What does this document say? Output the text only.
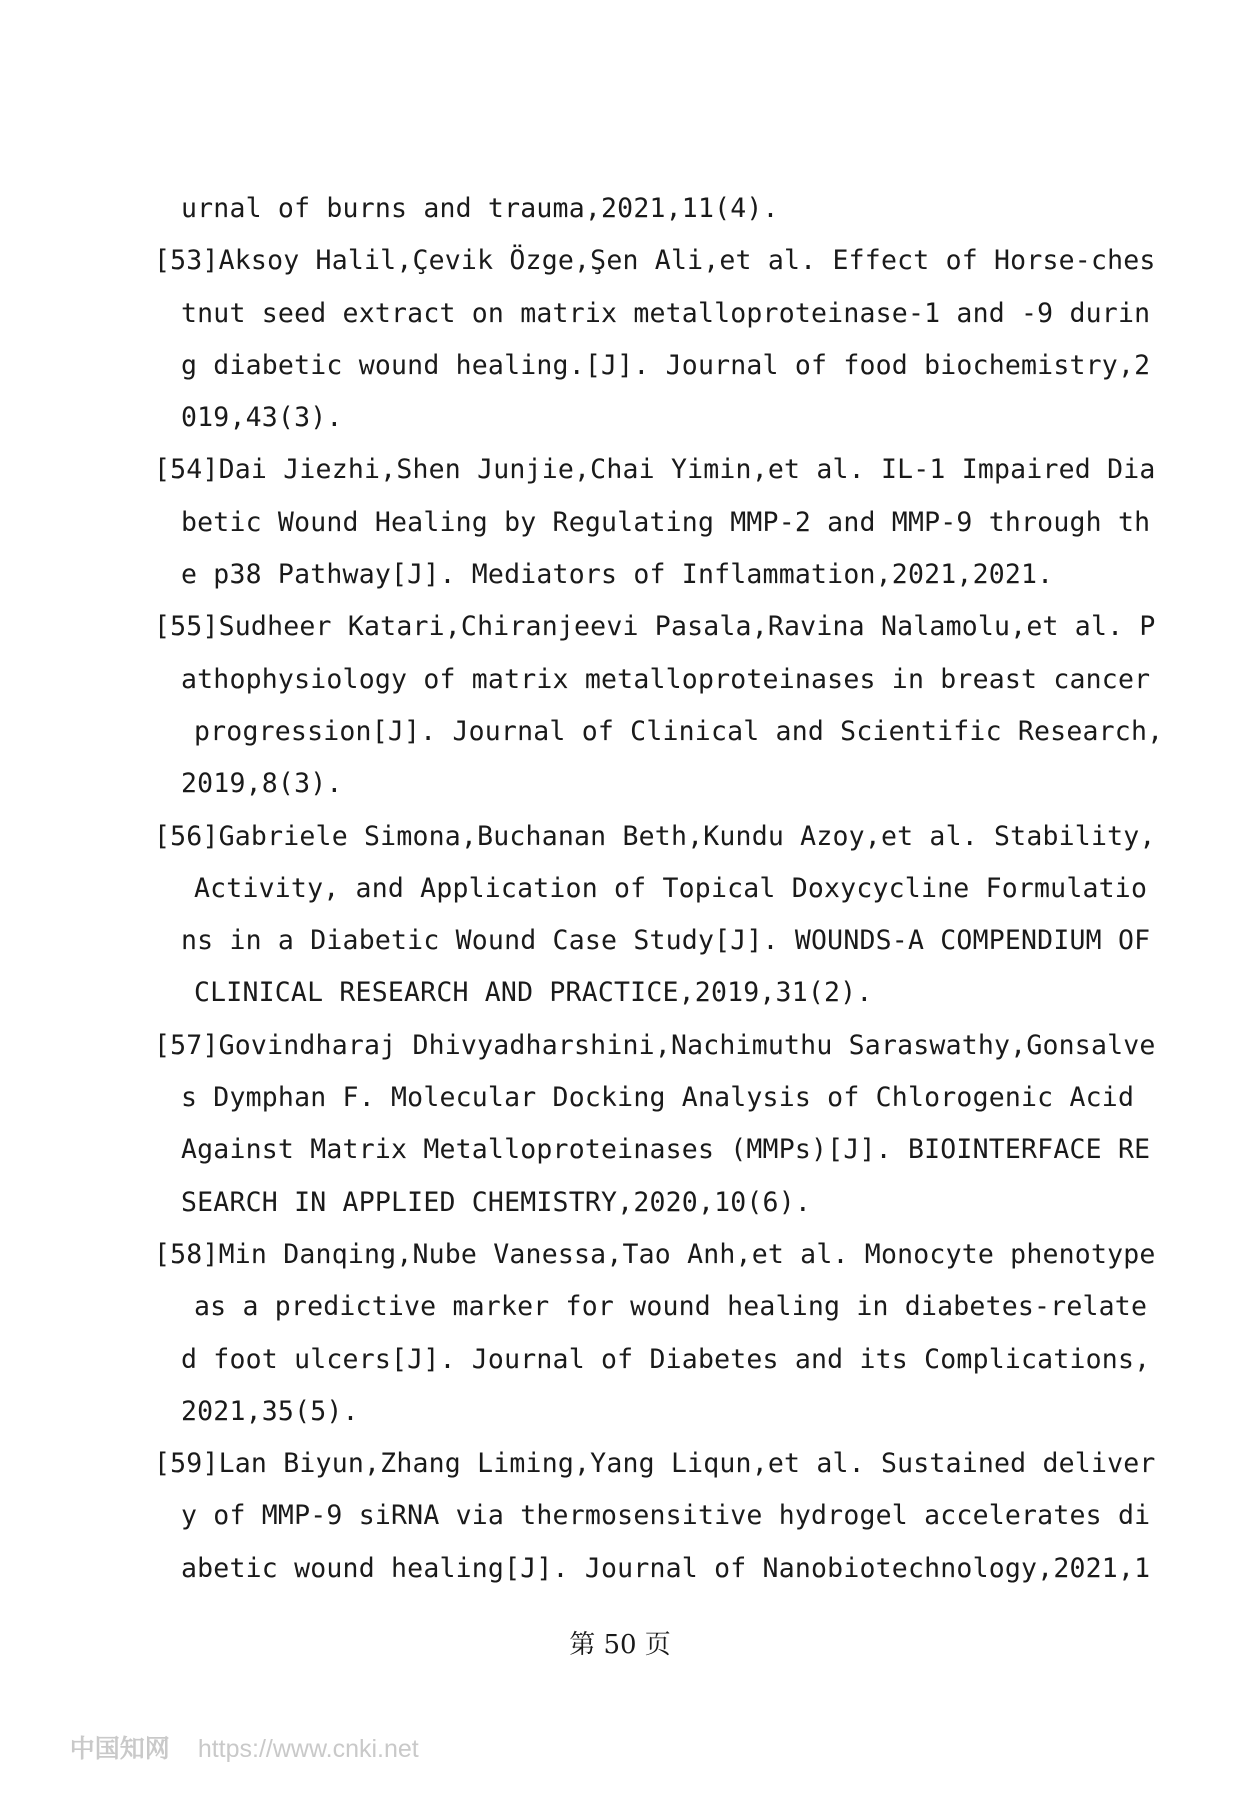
urnal of burns and trauma,2021,11(4).
[53]Aksoy Halil,Çevik Özge,Şen Ali,et al. Effect of Horse-ches
tnut seed extract on matrix metalloproteinase-1 and -9 durin
g diabetic wound healing.[J]. Journal of food biochemistry,2
019,43(3).
[54]Dai Jiezhi,Shen Junjie,Chai Yimin,et al. IL-1 Impaired Dia
betic Wound Healing by Regulating MMP-2 and MMP-9 through th
e p38 Pathway[J]. Mediators of Inflammation,2021,2021.
[55]Sudheer Katari,Chiranjeevi Pasala,Ravina Nalamolu,et al. P
athophysiology of matrix metalloproteinases in breast cancer
progression[J]. Journal of Clinical and Scientific Research,
2019,8(3).
[56]Gabriele Simona,Buchanan Beth,Kundu Azoy,et al. Stability,
Activity, and Application of Topical Doxycycline Formulatio
ns in a Diabetic Wound Case Study[J]. WOUNDS-A COMPENDIUM OF
CLINICAL RESEARCH AND PRACTICE,2019,31(2).
[57]Govindharaj Dhivyadharshini,Nachimuthu Saraswathy,Gonsalve
s Dymphan F. Molecular Docking Analysis of Chlorogenic Acid
Against Matrix Metalloproteinases (MMPs)[J]. BIOINTERFACE RE
SEARCH IN APPLIED CHEMISTRY,2020,10(6).
[58]Min Danqing,Nube Vanessa,Tao Anh,et al. Monocyte phenotype
as a predictive marker for wound healing in diabetes-relate
d foot ulcers[J]. Journal of Diabetes and its Complications,
2021,35(5).
[59]Lan Biyun,Zhang Liming,Yang Liqun,et al. Sustained deliver
y of MMP-9 siRNA via thermosensitive hydrogel accelerates di
abetic wound healing[J]. Journal of Nanobiotechnology,2021,1
第 50 页

中国知网 https://www.cnki.net
